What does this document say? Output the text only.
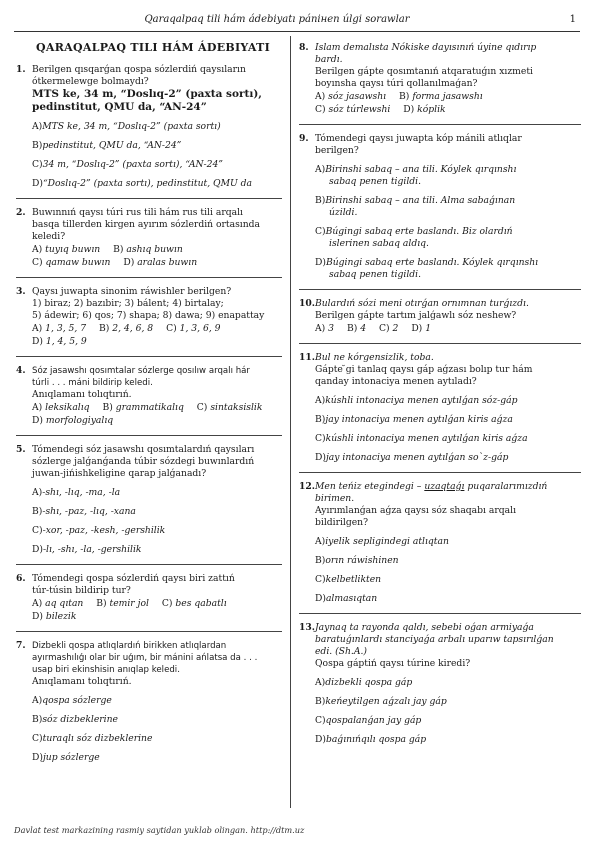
Qaraqalpaq tili hám ádebiyatı pániнen úlgi sorawlar	1
QARAQALPAQ TILI HÁM ÁDEBIYATI
1. Berilgen qısqarǵan qospa sózlerdiń qaysıların
ótkermelewge bolmaydı?
MTS ke, 34 m, “Doslıq-2” (paxta sortı),
pedinstitut, QMU da, “AN-24”
A)MTS ke, 34 m, “Doslıq-2” (paxta sortı)
B)pedinstitut, QMU da, “AN-24”
C)34 m, “Doslıq-2” (paxta sortı), “AN-24”
D)“Doslıq-2” (paxta sortı), pedinstitut, QMU da
2. Buwınnıń qaysı túri rus tili hám rus tili arqalı
basqa tillerden kirgen ayırım sózlerdiń ortasında
keledi?
A) tuyıq buwın B) ashıq buwın
C) qamaw buwın D) aralas buwın
3. Qaysı juwapta sinonim ráwishler berilgen?
1) biraz; 2) bazıbir; 3) bálent; 4) birtalay;
5) ádewir; 6) qos; 7) shapa; 8) dawa; 9) enapattay
A) 1, 3, 5, 7 B) 2, 4, 6, 8 C) 1, 3, 6, 9
D) 1, 4, 5, 9
4. Sóz jasawshı qosımtalar sózlerge qosılıw arqalı hár
túrli . . . máni bildirip keledi.
Anıqlamanı tolıqtırıń.
A) leksikalıq B) grammatikalıq C) sintaksislik
D) morfologiyalıq
5. Tómendegi sóz jasawshı qosımtalardıń qaysıları
sózlerge jalǵanǵanda túbir sózdegi buwınlardıń
juwan-jińishkeligine qarap jalǵanadı?
A)-shı, -lıq, -ma, -la
B)-shı, -paz, -lıq, -xana
C)-xor, -paz, -kesh, -gershilik
D)-lı, -shı, -la, -gershilik
6. Tómendegi qospa sózlerdiń qaysı biri zattıń
túr-túsin bildirip tur?
A) aq qıtan B) temir jol C) bes qabatlı
D) bilezik
7. Dizbekli qospa atlıqlardıń birikken atlıqlardan
ayırmashılıǵı olar bir uǵım, bir mánini ańlatsa da . . .
usap biri ekinshisin anıqlap keledi.
Anıqlamanı tolıqtırıń.
A)qospa sózlerge
B)sóz dizbeklerine
C)turaqlı sóz dizbeklerine
D)jup sózlerge
8. Islam demalısta Nókiske dayısınıń úyine qıdırıp
bardı.
Berilgen gápte qosımtanıń atqaratuǵın xızmeti
boyınsha qaysı túri qollanılmaǵan?
A) sóz jasawshı B) forma jasawshı
C) sóz túrlewshi D) kóplik
9. Tómendegi qaysı juwapta kóp mánili atlıqlar
berilgen?
A)Birinshi sabaq – ana tili. Kóylek qırqınshı
sabaq penen tigildi.
B)Birinshi sabaq – ana tili. Alma sabaǵınan
úzildi.
C)Búgingi sabaq erte baslandı. Biz olardıń
islerinen sabaq aldıq.
D)Búgingi sabaq erte baslandı. Kóylek qırqınshı
sabaq penen tigildi.
10. Bulardıń sózi meni otırǵan ornımnan turǵızdı.
Berilgen gápte tartım jalǵawlı sóz neshew?
A) 3 B) 4 C) 2 D) 1
11. Bul ne kórgensizlik, toba.
Gápte ̆gi tanlaq qaysı gáp aǵzası bolıp tur hám
qanday intonaciya menen aytıladı?
A)kúshli intonaciya menen aytılǵan sóz-gáp
B)jay intonaciya menen aytılǵan kiris aǵza
C)kúshli intonaciya menen aytılǵan kiris aǵza
D)jay intonaciya menen aytılǵan so`z-gáp
12. Men teńiz etegindegi – uzaqtaǵı puqaralarımızdıń
birimen.
Ayırımlanǵan aǵza qaysı sóz shaqabı arqalı
bildirilgen?
A)iyelik sepligindegi atlıqtan
B)orın ráwishinen
C)kelbetlikten
D)almasıqtan
13. Jaynaq ta rayonda qaldı, sebebi oǵan armiyaǵa
baratuǵınlardı stanciyaǵa arbalı uparıw tapsırılǵan
edi. (Sh.A.)
Qospa gáptiń qaysı túrine kiredi?
A)dizbekli qospa gáp
B)keńeytilgen aǵzalı jay gáp
C)qospalanǵan jay gáp
D)baǵınıńqılı qospa gáp
Davlat test markazining rasmiy saytidan yuklab olingan. http://dtm.uz
